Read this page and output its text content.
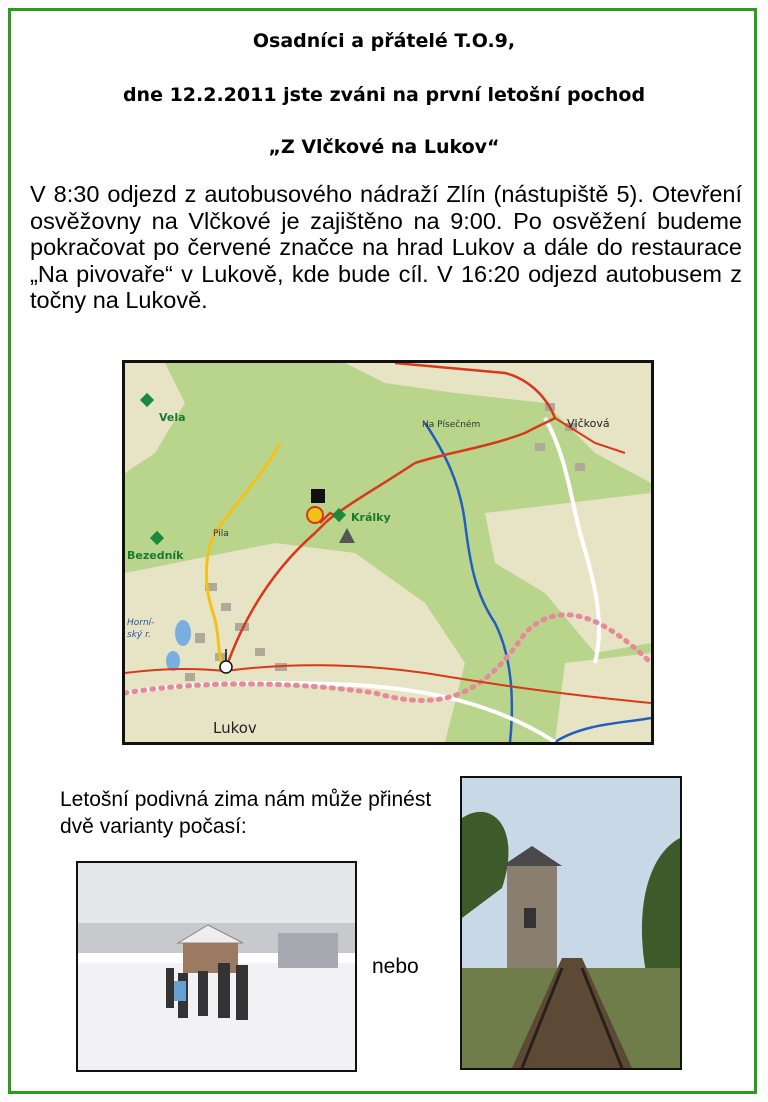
Osadníci a přátelé T.O.9,
dne 12.2.2011 jste zváni na první letošní pochod
„Z Vlčkové na Lukov“
V 8:30 odjezd z autobusového nádraží Zlín (nástupiště 5). Otevření osvěžovny na Vlčkové je zajištěno na 9:00. Po osvěžení budeme pokračovat po červené značce na hrad Lukov a dále do restaurace „Na pivovaře“ v Lukově, kde bude cíl. V 16:20 odjezd autobusem z točny na Lukově.
Vela
Bezedník
Pila
Králky
Na Písečném	Vlčková
Lukov
Horní-
ský r.
Letošní podivná zima nám může přinést dvě varianty počasí:
nebo
